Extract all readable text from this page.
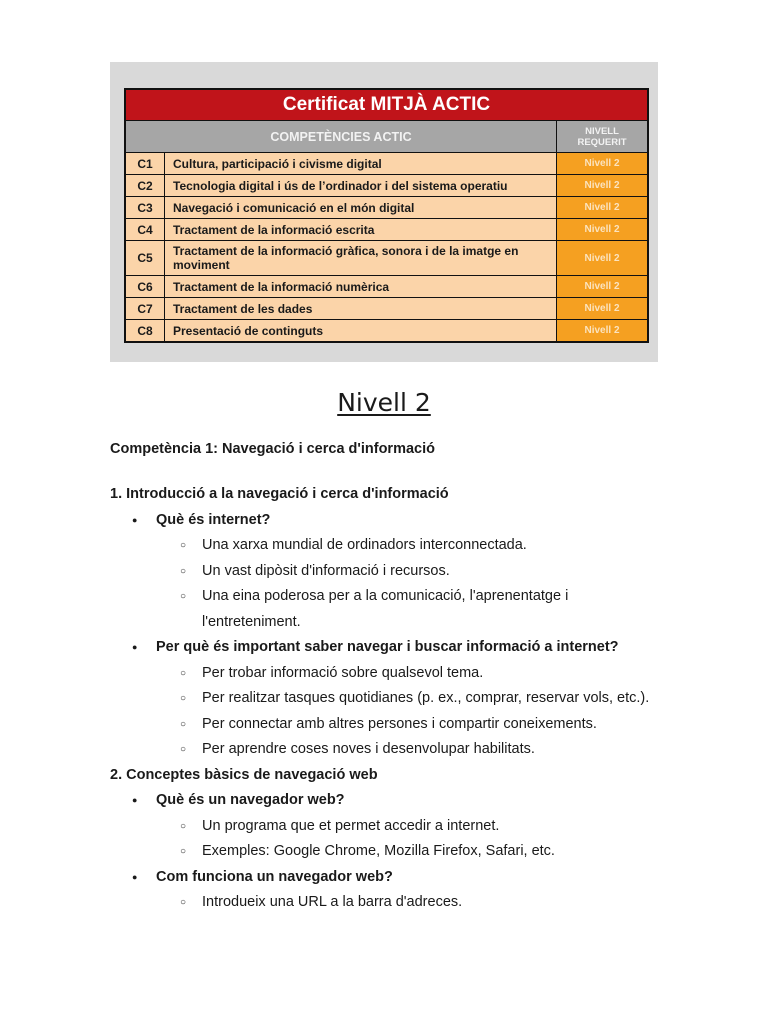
Certificat MITJÀ ACTIC
COMPETÈNCIES ACTIC	NIVELL
REQUERIT
C1	Cultura, participació i civisme digital	Nivell 2
C2	Tecnologia digital i ús de l’ordinador i del sistema operatiu	Nivell 2
C3	Navegació i comunicació en el món digital	Nivell 2
C4	Tractament de la informació escrita	Nivell 2
C5	Tractament de la informació gràfica, sonora i de la imatge en moviment	Nivell 2
C6	Tractament de la informació numèrica	Nivell 2
C7	Tractament de les dades	Nivell 2
C8	Presentació de continguts	Nivell 2
Nivell 2

Competència 1: Navegació i cerca d'informació

1. Introducció a la navegació i cerca d'informació

●	Què és internet?
○	Una xarxa mundial de ordinadors interconnectada.
○	Un vast dipòsit d'informació i recursos.
○	Una eina poderosa per a la comunicació, l'aprenentatge i l'entreteniment.
●	Per què és important saber navegar i buscar informació a internet?
○	Per trobar informació sobre qualsevol tema.
○	Per realitzar tasques quotidianes (p. ex., comprar, reservar vols, etc.).
○	Per connectar amb altres persones i compartir coneixements.
○	Per aprendre coses noves i desenvolupar habilitats.

2. Conceptes bàsics de navegació web

●	Què és un navegador web?
○	Un programa que et permet accedir a internet.
○	Exemples: Google Chrome, Mozilla Firefox, Safari, etc.
●	Com funciona un navegador web?
○	Introdueix una URL a la barra d'adreces.
